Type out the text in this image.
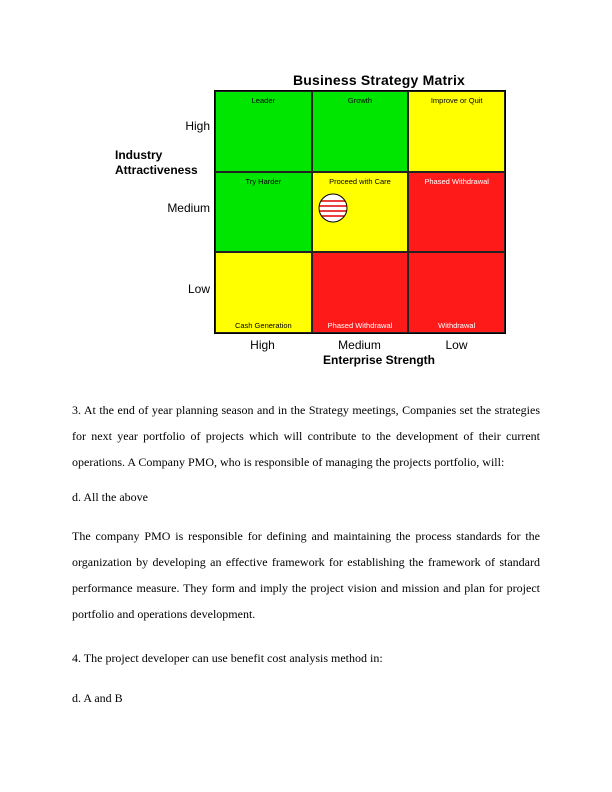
Business Strategy Matrix
Industry
Attractiveness
High
Medium
Low
Leader	Growth	Improve or Quit
Try Harder	Proceed with Care	Phased Withdrawal
Cash Generation	Phased Withdrawal	Withdrawal
High	Medium	Low
Enterprise Strength
3. At the end of year planning season and in the Strategy meetings, Companies set the strategies for next year portfolio of projects which will contribute to the development of their current operations. A Company PMO, who is responsible of managing the projects portfolio, will:
d. All the above
The company PMO is responsible for defining and maintaining the process standards for the organization by developing an effective framework for establishing the framework of standard performance measure. They form and imply the project vision and mission and plan for project portfolio and operations development.
4. The project developer can use benefit cost analysis method in:
d. A and B
